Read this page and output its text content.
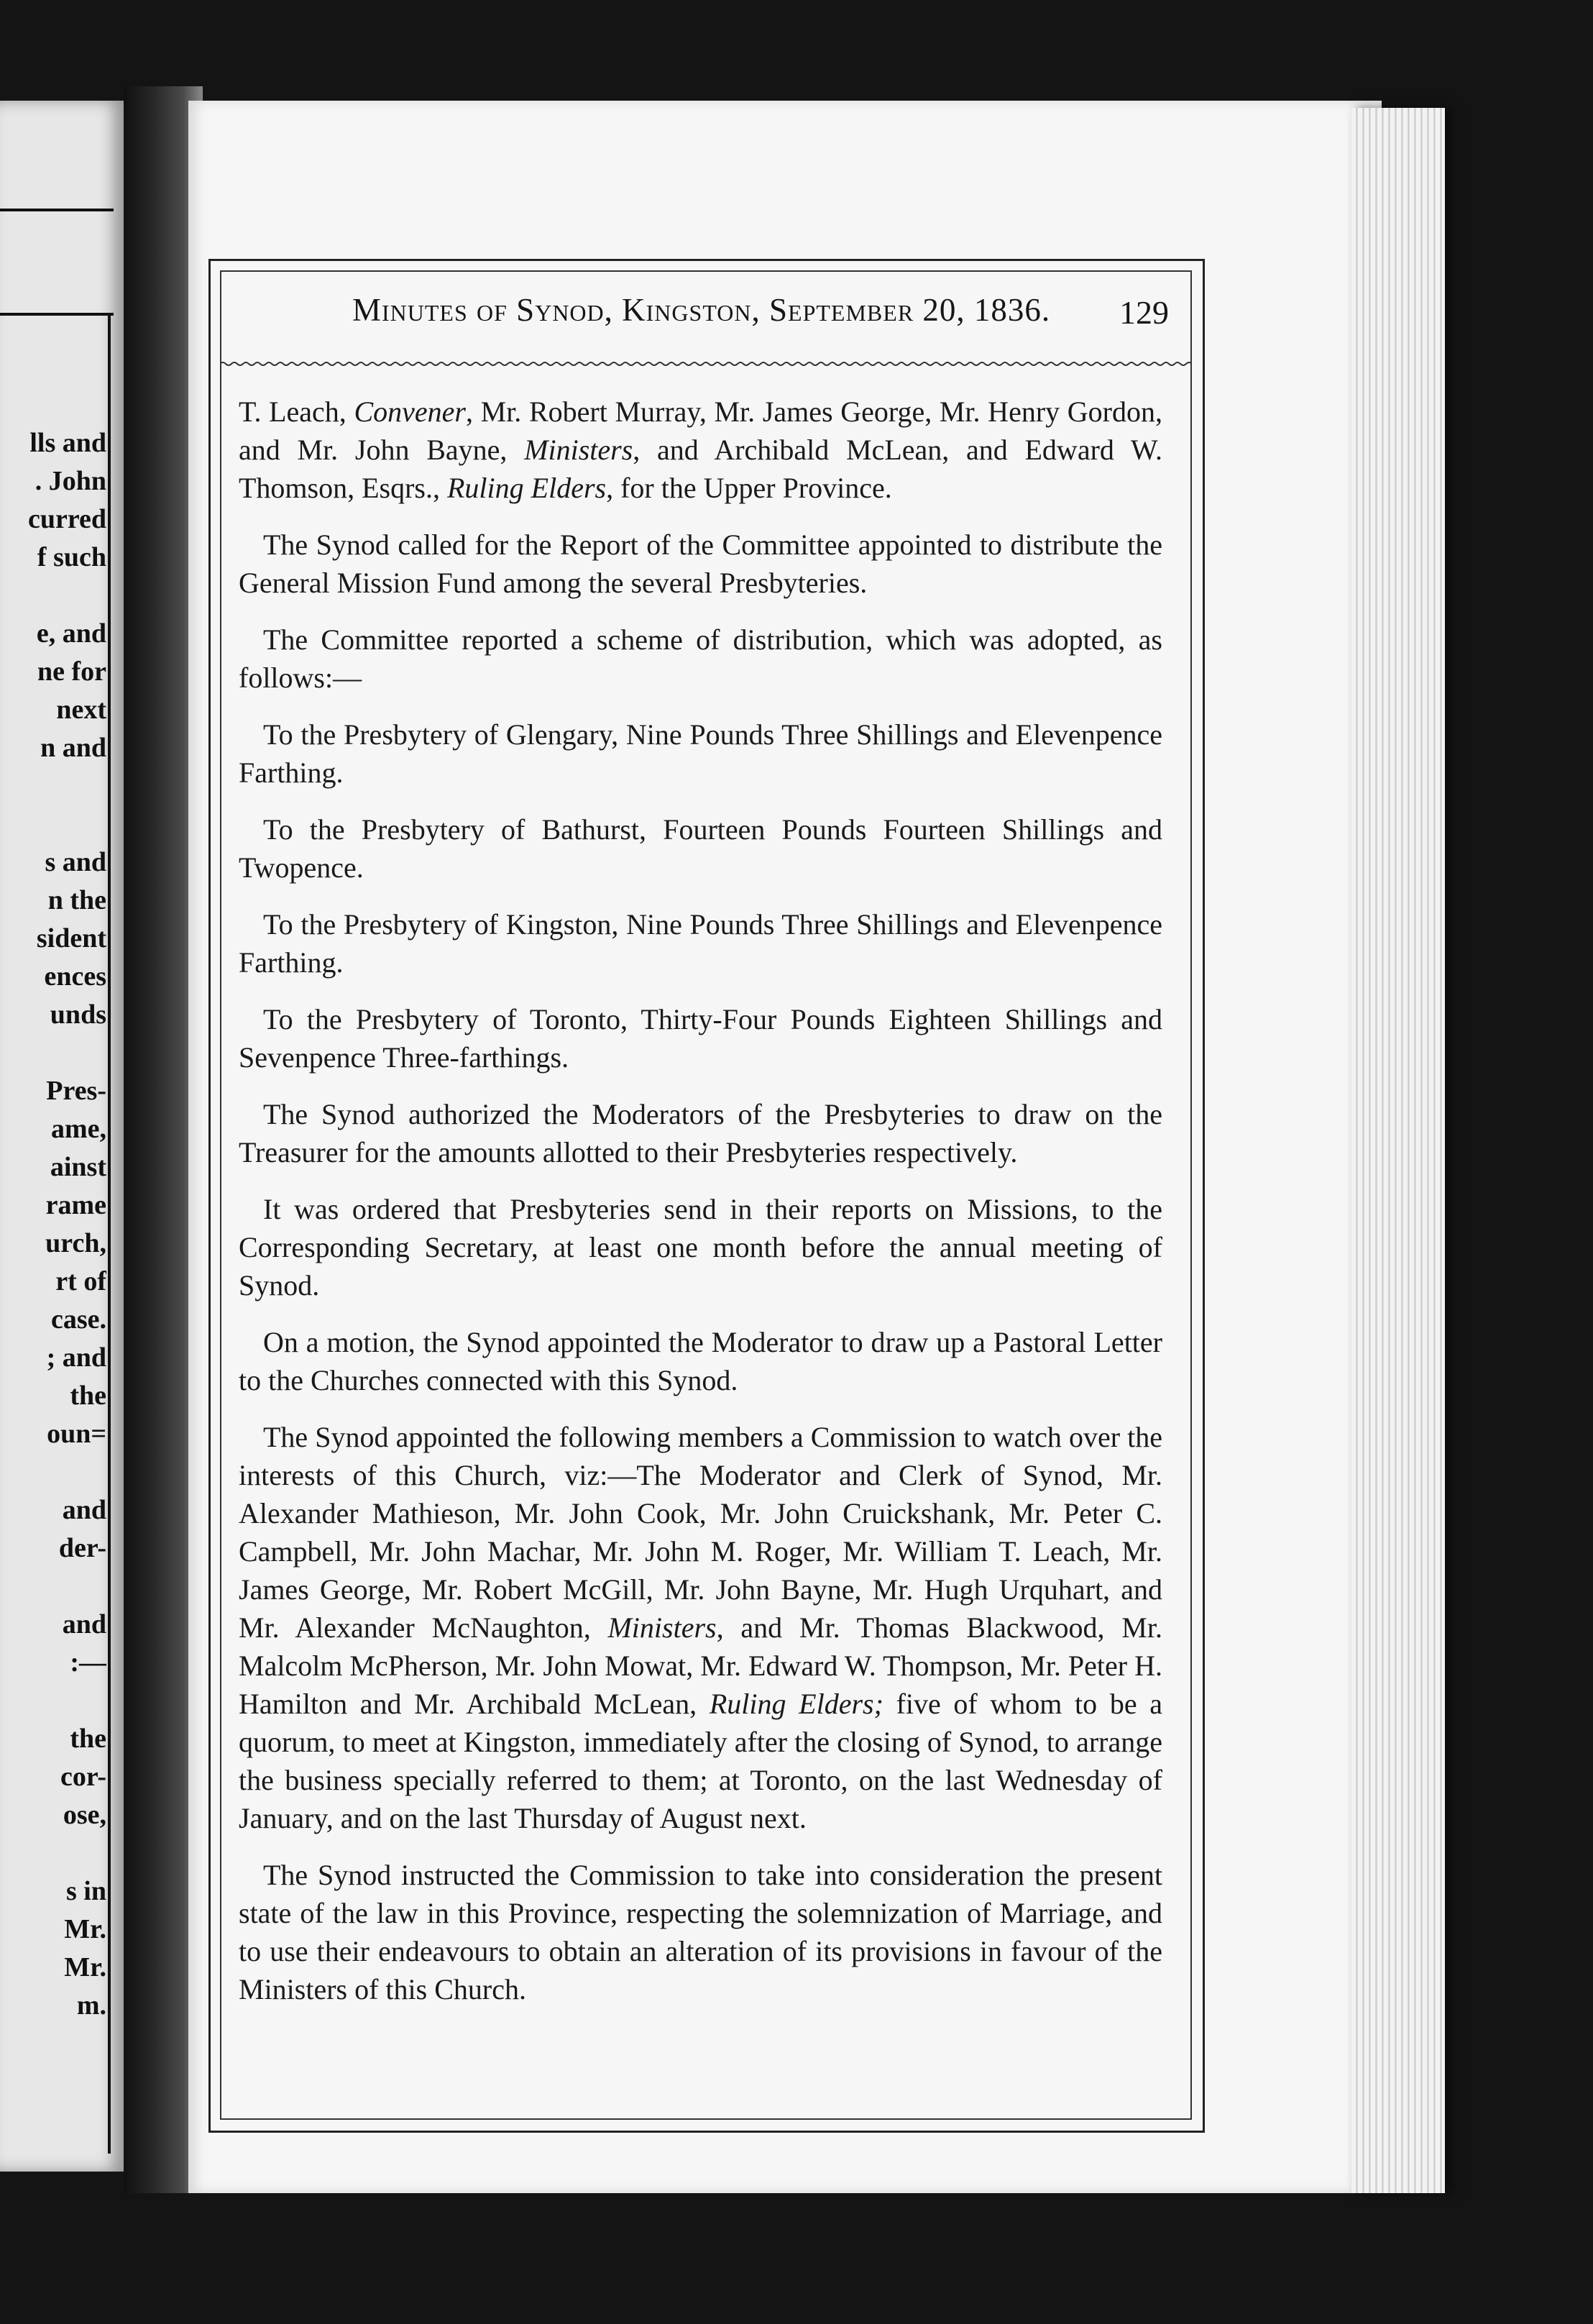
lls and
. John
curred
f such
e, and
ne for
next
n and
s and
n the
sident
ences
unds
Pres-
ame,
ainst
rame
urch,
rt of
case.
; and
the
oun=
and
der-
and
:—
the
cor-
ose,
s in
Mr.
Mr.
m.
Minutes of Synod, Kingston, September 20, 1836.	129

T. Leach, Convener, Mr. Robert Murray, Mr. James George, Mr. Henry Gordon, and Mr. John Bayne, Ministers, and Archibald McLean, and Edward W. Thomson, Esqrs., Ruling Elders, for the Upper Province.

The Synod called for the Report of the Committee appointed to distribute the General Mission Fund among the several Presbyteries.

The Committee reported a scheme of distribution, which was adopted, as follows:—

To the Presbytery of Glengary, Nine Pounds Three Shillings and Elevenpence Farthing.

To the Presbytery of Bathurst, Fourteen Pounds Fourteen Shillings and Twopence.

To the Presbytery of Kingston, Nine Pounds Three Shillings and Elevenpence Farthing.

To the Presbytery of Toronto, Thirty-Four Pounds Eighteen Shillings and Sevenpence Three-farthings.

The Synod authorized the Moderators of the Presbyteries to draw on the Treasurer for the amounts allotted to their Presbyteries respectively.

It was ordered that Presbyteries send in their reports on Missions, to the Corresponding Secretary, at least one month before the annual meeting of Synod.

On a motion, the Synod appointed the Moderator to draw up a Pastoral Letter to the Churches connected with this Synod.

The Synod appointed the following members a Commission to watch over the interests of this Church, viz:—The Moderator and Clerk of Synod, Mr. Alexander Mathieson, Mr. John Cook, Mr. John Cruickshank, Mr. Peter C. Campbell, Mr. John Machar, Mr. John M. Roger, Mr. William T. Leach, Mr. James George, Mr. Robert McGill, Mr. John Bayne, Mr. Hugh Urquhart, and Mr. Alexander McNaughton, Ministers, and Mr. Thomas Blackwood, Mr. Malcolm McPherson, Mr. John Mowat, Mr. Edward W. Thompson, Mr. Peter H. Hamilton and Mr. Archibald McLean, Ruling Elders; five of whom to be a quorum, to meet at Kingston, immediately after the closing of Synod, to arrange the business specially referred to them; at Toronto, on the last Wednesday of January, and on the last Thursday of August next.

The Synod instructed the Commission to take into consideration the present state of the law in this Province, respecting the solemnization of Marriage, and to use their endeavours to obtain an alteration of its provisions in favour of the Ministers of this Church.
